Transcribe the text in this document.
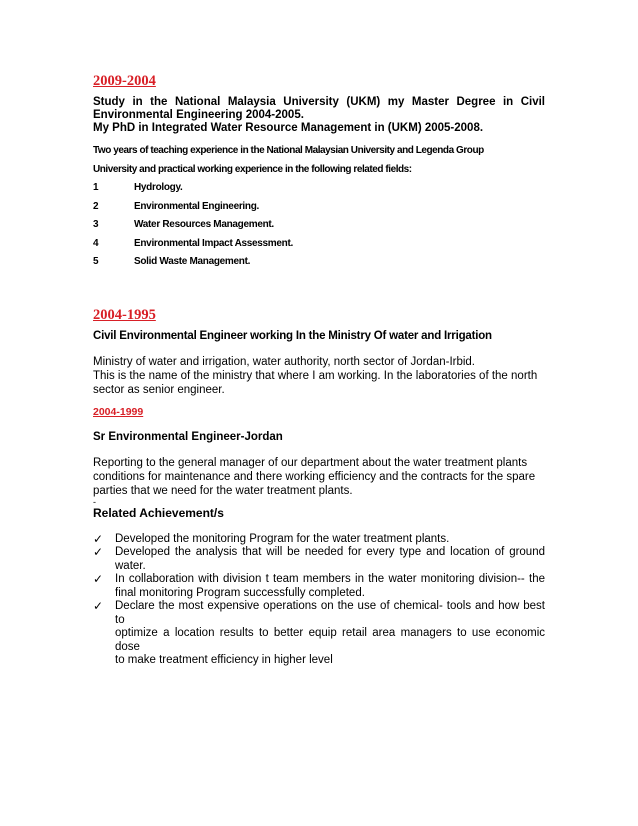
2009-2004

Study in the National Malaysia University (UKM) my Master Degree in Civil

Environmental Engineering 2004-2005.

My PhD in Integrated Water Resource Management in (UKM) 2005-2008.

Two years of teaching experience in the National Malaysian University and Legenda Group

University and practical working experience in the following related fields:

1	Hydrology.
2	Environmental Engineering.
3	Water Resources Management.
4	Environmental Impact Assessment.
5	Solid Waste Management.

2004-1995

Civil Environmental Engineer working In the Ministry Of water and Irrigation

Ministry of water and irrigation, water authority, north sector of Jordan-Irbid.

This is the name of the ministry that where I am working. In the laboratories of the north

sector as senior engineer.

2004-1999

Sr Environmental Engineer-Jordan

Reporting to the general manager of our department about the water treatment plants

conditions for maintenance and there working efficiency and the contracts for the spare

parties that we need for the water treatment plants.

-

Related Achievement/s

✓	Developed the monitoring Program for the water treatment plants.
✓	Developed the analysis that will be needed for every type and location of ground
water.
✓	In collaboration with division t team members in the water monitoring division-- the
final monitoring Program successfully completed.
✓	Declare the most expensive operations on the use of chemical- tools and how best to
optimize a location results to better equip retail area managers to use economic dose
to make treatment efficiency in higher level
